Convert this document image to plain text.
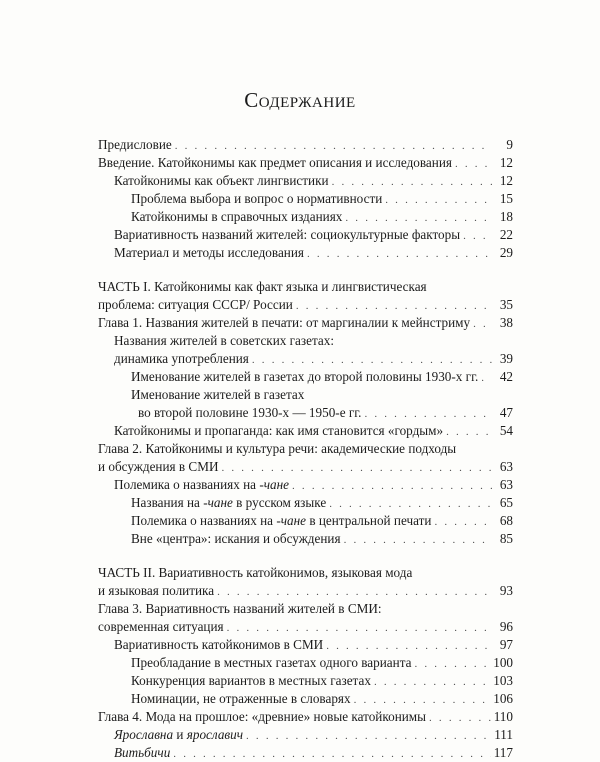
Содержание
Предисловие . . .	9
Введение. Катойконимы как предмет описания и исследования . . .	12
Катойконимы как объект лингвистики . . .	12
Проблема выбора и вопрос о нормативности . . .	15
Катойконимы в справочных изданиях . . .	18
Вариативность названий жителей: социокультурные факторы . . .	22
Материал и методы исследования . . .	29
ЧАСТЬ I. Катойконимы как факт языка и лингвистическая
проблема: ситуация СССР/ России . . .	35
Глава 1. Названия жителей в печати: от маргиналии к мейнстриму . . .	38
Названия жителей в советских газетах:
динамика употребления . . .	39
Именование жителей в газетах до второй половины 1930-х гг. . . .	42
Именование жителей в газетах
во второй половине 1930-х — 1950-е гг. . . .	47
Катойконимы и пропаганда: как имя становится «гордым» . . .	54
Глава 2. Катойконимы и культура речи: академические подходы
и обсуждения в СМИ . . .	63
Полемика о названиях на -чане . . .	63
Названия на -чане в русском языке . . .	65
Полемика о названиях на -чане в центральной печати . . .	68
Вне «центра»: искания и обсуждения . . .	85
ЧАСТЬ II. Вариативность катойконимов, языковая мода
и языковая политика . . .	93
Глава 3. Вариативность названий жителей в СМИ:
современная ситуация . . .	96
Вариативность катойконимов в СМИ . . .	97
Преобладание в местных газетах одного варианта . . .	100
Конкуренция вариантов в местных газетах . . .	103
Номинации, не отраженные в словарях . . .	106
Глава 4. Мода на прошлое: «древние» новые катойконимы . . .	110
Ярославна и ярославич . . .	111
Витьбичи . . .	117
